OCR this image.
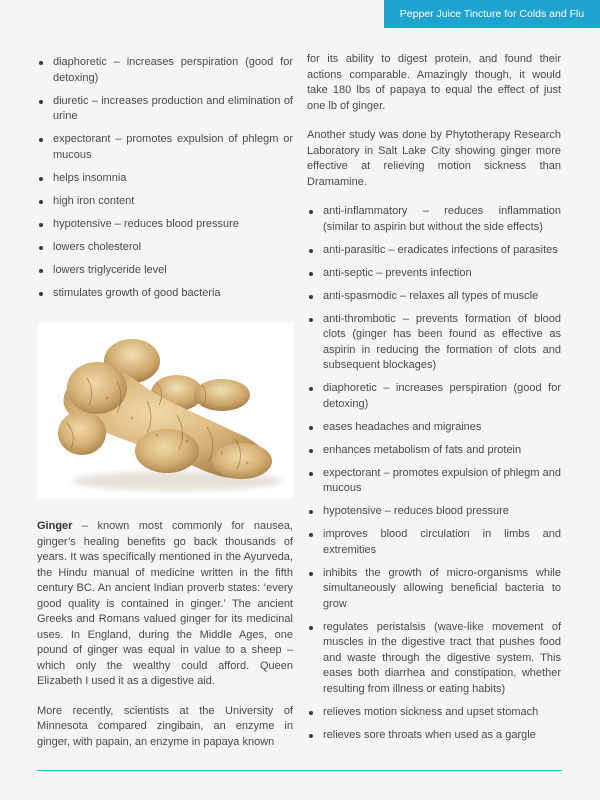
Pepper Juice Tincture for Colds and Flu
diaphoretic – increases perspiration (good for detoxing)
diuretic – increases production and elimination of urine
expectorant – promotes expulsion of phlegm or mucous
helps insomnia
high iron content
hypotensive – reduces blood pressure
lowers cholesterol
lowers triglyceride level
stimulates growth of good bacteria

Ginger – known most commonly for nausea, ginger’s healing benefits go back thousands of years. It was specifically mentioned in the Ayurveda, the Hindu manual of medicine written in the fifth century BC. An ancient Indian proverb states: ‘every good quality is contained in ginger.’ The ancient Greeks and Romans valued ginger for its medicinal uses. In England, during the Middle Ages, one pound of ginger was equal in value to a sheep – which only the wealthy could afford. Queen Elizabeth I used it as a digestive aid.

More recently, scientists at the University of Minnesota compared zingibain, an enzyme in ginger, with papain, an enzyme in papaya known

for its ability to digest protein, and found their actions comparable. Amazingly though, it would take 180 lbs of papaya to equal the effect of just one lb of ginger.

Another study was done by Phytotherapy Research Laboratory in Salt Lake City showing ginger more effective at relieving motion sickness than Dramamine.

anti-inflammatory – reduces inflammation (similar to aspirin but without the side effects)
anti-parasitic – eradicates infections of parasites
anti-septic – prevents infection
anti-spasmodic – relaxes all types of muscle
anti-thrombotic – prevents formation of blood clots (ginger has been found as effective as aspirin in reducing the formation of clots and subsequent blockages)
diaphoretic – increases perspiration (good for detoxing)
eases headaches and migraines
enhances metabolism of fats and protein
expectorant – promotes expulsion of phlegm and mucous
hypotensive – reduces blood pressure
improves blood circulation in limbs and extremities
inhibits the growth of micro-organisms while simultaneously allowing beneficial bacteria to grow
regulates peristalsis (wave-like movement of muscles in the digestive tract that pushes food and waste through the digestive system. This eases both diarrhea and constipation, whether resulting from illness or eating habits)
relieves motion sickness and upset stomach
relieves sore throats when used as a gargle
